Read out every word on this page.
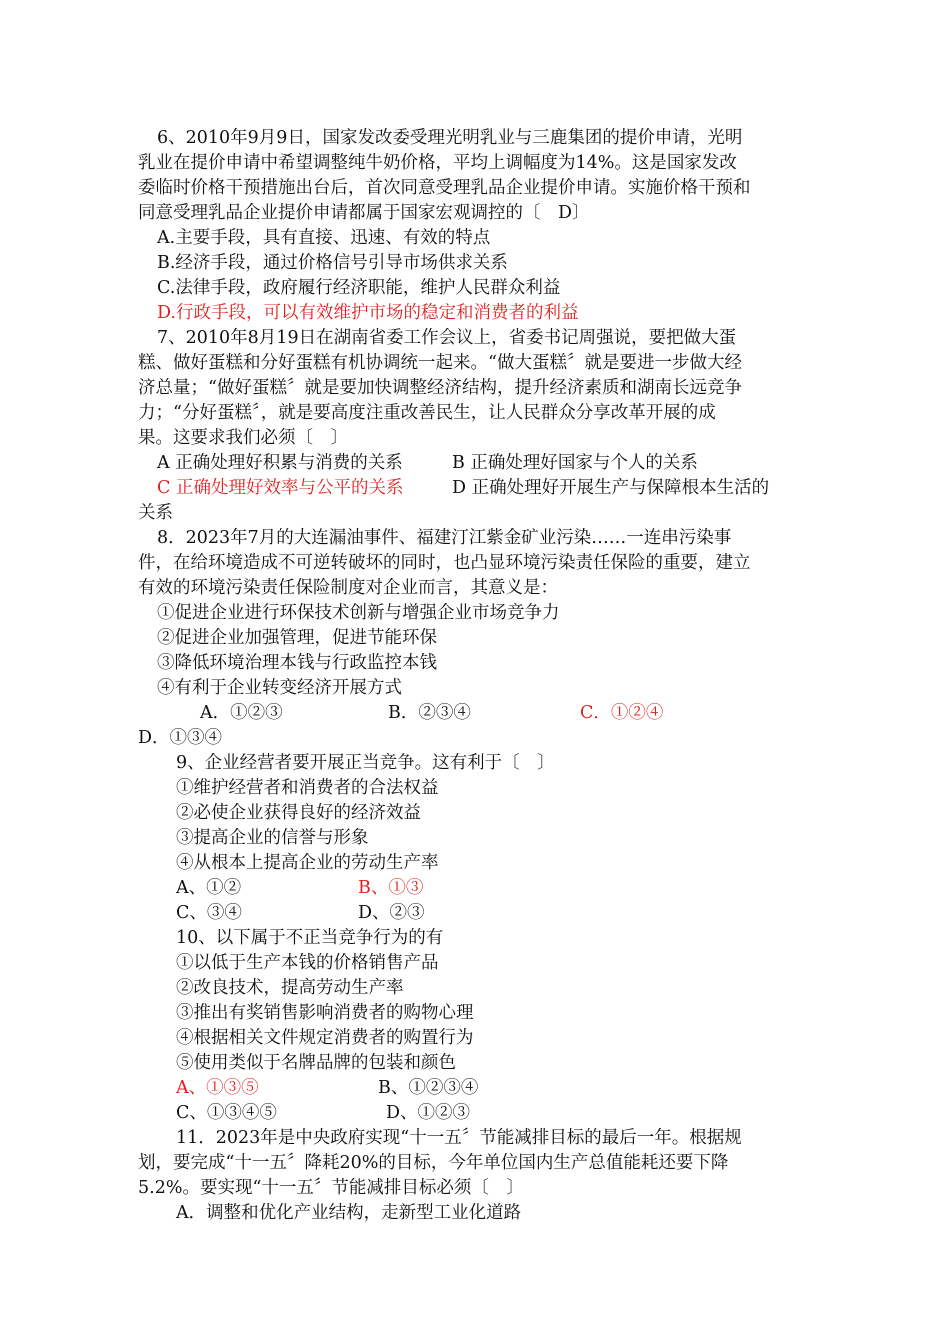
6、2010年9月9日，国家发改委受理光明乳业与三鹿集团的提价申请，光明

乳业在提价申请中希望调整纯牛奶价格，平均上调幅度为14%。这是国家发改

委临时价格干预措施出台后，首次同意受理乳品企业提价申请。实施价格干预和

同意受理乳品企业提价申请都属于国家宏观调控的〔　D〕

A.主要手段，具有直接、迅速、有效的特点

B.经济手段，通过价格信号引导市场供求关系

C.法律手段，政府履行经济职能，维护人民群众利益

D.行政手段，可以有效维护市场的稳定和消费者的利益

7、2010年8月19日在湖南省委工作会议上，省委书记周强说，要把做大蛋

糕、做好蛋糕和分好蛋糕有机协调统一起来。“做大蛋糕〞就是要进一步做大经

济总量；“做好蛋糕〞就是要加快调整经济结构，提升经济素质和湖南长远竞争

力；“分好蛋糕〞，就是要高度注重改善民生，让人民群众分享改革开展的成

果。这要求我们必须〔　〕

A 正确处理好积累与消费的关系	B 正确处理好国家与个人的关系

C 正确处理好效率与公平的关系	D 正确处理好开展生产与保障根本生活的

关系

8．2023年7月的大连漏油事件、福建汀江紫金矿业污染……一连串污染事

件，在给环境造成不可逆转破坏的同时，也凸显环境污染责任保险的重要，建立

有效的环境污染责任保险制度对企业而言，其意义是：

①促进企业进行环保技术创新与增强企业市场竞争力

②促进企业加强管理，促进节能环保

③降低环境治理本钱与行政监控本钱

④有利于企业转变经济开展方式

A．①②③	B．②③④	C．①②④

D．①③④

9、企业经营者要开展正当竞争。这有利于〔　〕

①维护经营者和消费者的合法权益

②必使企业获得良好的经济效益

③提高企业的信誉与形象

④从根本上提高企业的劳动生产率

A、①②	B、①③

C、③④	D、②③

10、以下属于不正当竞争行为的有

①以低于生产本钱的价格销售产品

②改良技术，提高劳动生产率

③推出有奖销售影响消费者的购物心理

④根据相关文件规定消费者的购置行为

⑤使用类似于名牌品牌的包装和颜色

A、①③⑤	B、①②③④

C、①③④⑤	D、①②③

11．2023年是中央政府实现“十一五〞节能减排目标的最后一年。根据规

划，要完成“十一五〞降耗20%的目标，今年单位国内生产总值能耗还要下降

5.2%。要实现“十一五〞节能减排目标必须〔　〕

A．调整和优化产业结构，走新型工业化道路
